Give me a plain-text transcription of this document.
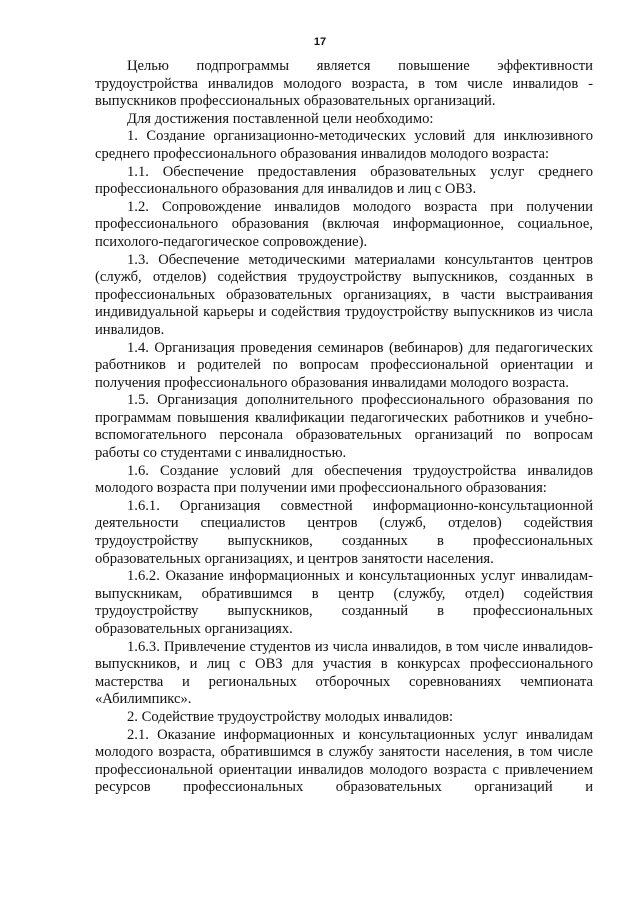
17

Целью подпрограммы является повышение эффективности трудоустройства инвалидов молодого возраста, в том числе инвалидов - выпускников профессиональных образовательных организаций.

Для достижения поставленной цели необходимо:

1. Создание организационно-методических условий для инклюзивного среднего профессионального образования инвалидов молодого возраста:

1.1. Обеспечение предоставления образовательных услуг среднего профессионального образования для инвалидов и лиц с ОВЗ.

1.2. Сопровождение инвалидов молодого возраста при получении профессионального образования (включая информационное, социальное, психолого-педагогическое сопровождение).

1.3. Обеспечение методическими материалами консультантов центров (служб, отделов) содействия трудоустройству выпускников, созданных в профессиональных образовательных организациях, в части выстраивания индивидуальной карьеры и содействия трудоустройству выпускников из числа инвалидов.

1.4. Организация проведения семинаров (вебинаров) для педагогических работников и родителей по вопросам профессиональной ориентации и получения профессионального образования инвалидами молодого возраста.

1.5. Организация дополнительного профессионального образования по программам повышения квалификации педагогических работников и учебно-вспомогательного персонала образовательных организаций по вопросам работы со студентами с инвалидностью.

1.6. Создание условий для обеспечения трудоустройства инвалидов молодого возраста при получении ими профессионального образования:

1.6.1. Организация совместной информационно-консультационной деятельности специалистов центров (служб, отделов) содействия трудоустройству выпускников, созданных в профессиональных образовательных организациях, и центров занятости населения.

1.6.2. Оказание информационных и консультационных услуг инвалидам-выпускникам, обратившимся в центр (службу, отдел) содействия трудоустройству выпускников, созданный в профессиональных образовательных организациях.

1.6.3. Привлечение студентов из числа инвалидов, в том числе инвалидов-выпускников, и лиц с ОВЗ для участия в конкурсах профессионального мастерства и региональных отборочных соревнованиях чемпионата «Абилимпикс».

2. Содействие трудоустройству молодых инвалидов:

2.1. Оказание информационных и консультационных услуг инвалидам молодого возраста, обратившимся в службу занятости населения, в том числе профессиональной ориентации инвалидов молодого возраста с привлечением ресурсов профессиональных образовательных организаций и
